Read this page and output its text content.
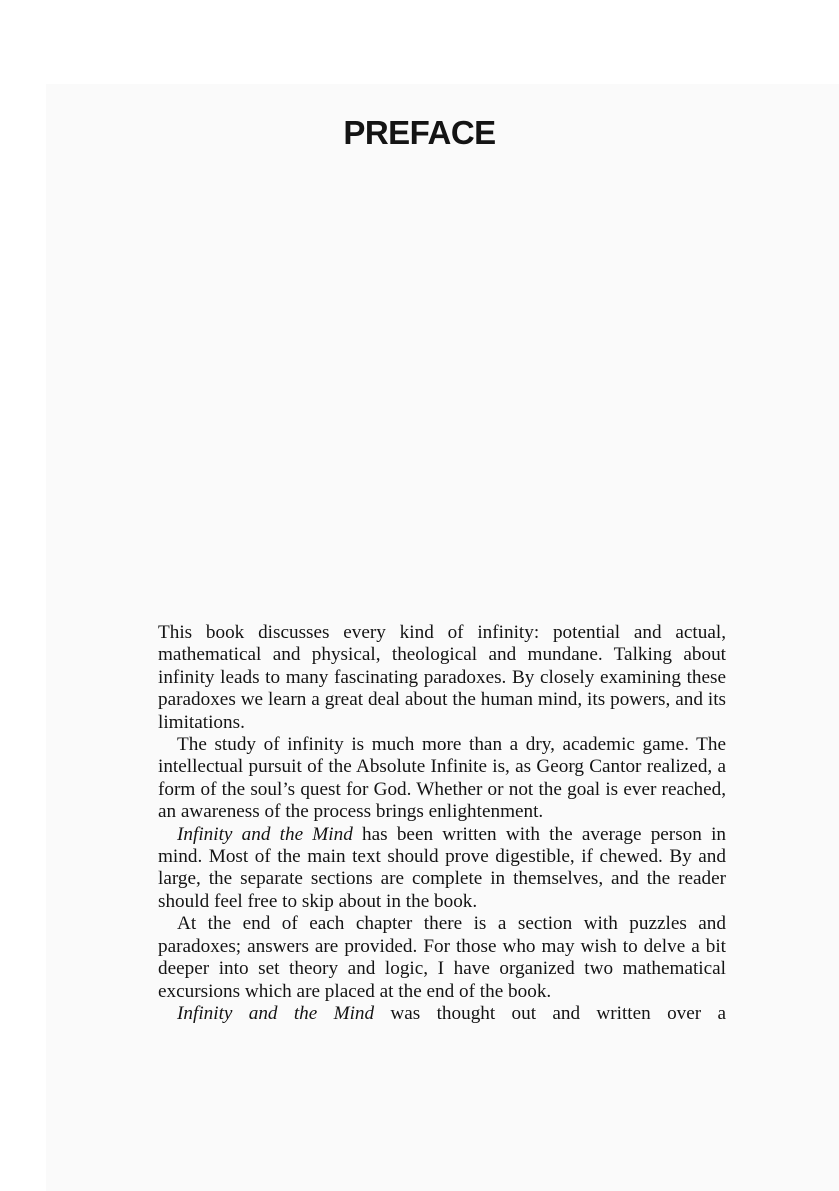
PREFACE

This book discusses every kind of infinity: potential and actual, mathematical and physical, theological and mundane. Talking about infinity leads to many fascinating paradoxes. By closely examining these paradoxes we learn a great deal about the human mind, its powers, and its limitations.

The study of infinity is much more than a dry, academic game. The intellectual pursuit of the Absolute Infinite is, as Georg Cantor realized, a form of the soul’s quest for God. Whether or not the goal is ever reached, an awareness of the process brings enlightenment.

Infinity and the Mind has been written with the average person in mind. Most of the main text should prove digestible, if chewed. By and large, the separate sections are complete in themselves, and the reader should feel free to skip about in the book.

At the end of each chapter there is a section with puzzles and paradoxes; answers are provided. For those who may wish to delve a bit deeper into set theory and logic, I have organized two mathematical excursions which are placed at the end of the book.

Infinity and the Mind was thought out and written over a
